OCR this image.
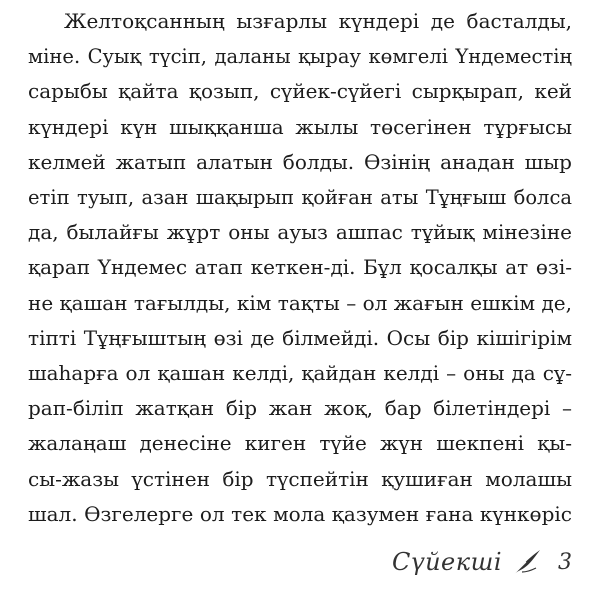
Желтоқсанның ызғарлы күндері де басталды,
міне. Суық түсіп, даланы қырау көмгелі Үндеместің
сарыбы қайта қозып, сүйек-сүйегі сырқырап, кей
күндері күн шыққанша жылы төсегінен тұрғысы
келмей жатып алатын болды. Өзінің анадан шыр
етіп туып, азан шақырып қойған аты Тұңғыш болса
да, былайғы жұрт оны ауыз ашпас тұйық мінезіне
қарап Үндемес атап кеткен-ді. Бұл қосалқы ат өзі-
не қашан тағылды, кім тақты – ол жағын ешкім де,
тіпті Тұңғыштың өзі де білмейді. Осы бір кішігірім
шаһарға ол қашан келді, қайдан келді – оны да сұ-
рап-біліп жатқан бір жан жоқ, бар білетіндері –
жалаңаш денесіне киген түйе жүн шекпені қы-
сы-жазы үстінен бір түспейтін қушиған молашы
шал. Өзгелерге ол тек мола қазумен ғана күнкөріс
Сүйекші	3
